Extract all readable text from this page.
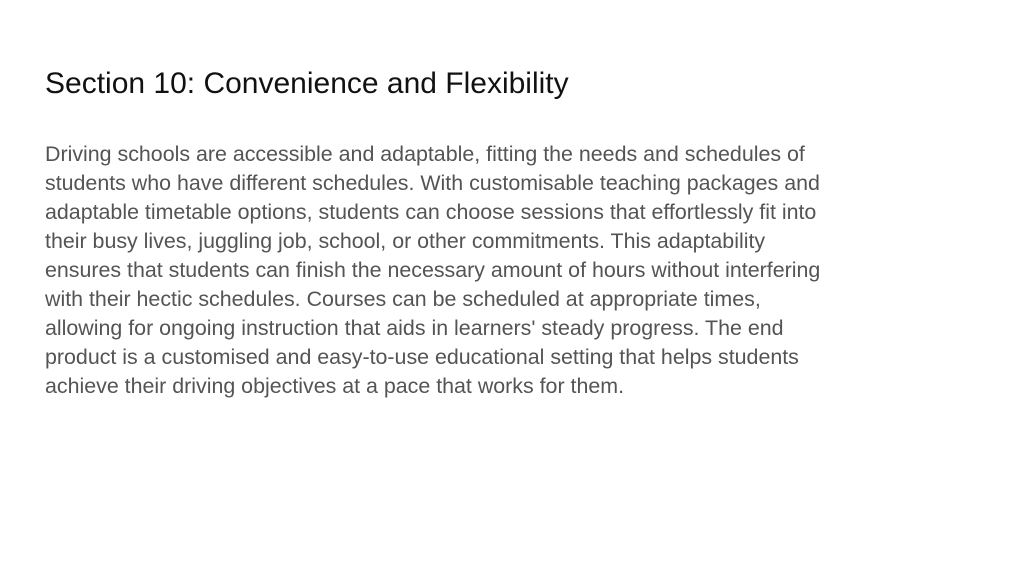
Section 10: Convenience and Flexibility

Driving schools are accessible and adaptable, fitting the needs and schedules of
students who have different schedules. With customisable teaching packages and
adaptable timetable options, students can choose sessions that effortlessly fit into
their busy lives, juggling job, school, or other commitments. This adaptability
ensures that students can finish the necessary amount of hours without interfering
with their hectic schedules. Courses can be scheduled at appropriate times,
allowing for ongoing instruction that aids in learners' steady progress. The end
product is a customised and easy-to-use educational setting that helps students
achieve their driving objectives at a pace that works for them.
